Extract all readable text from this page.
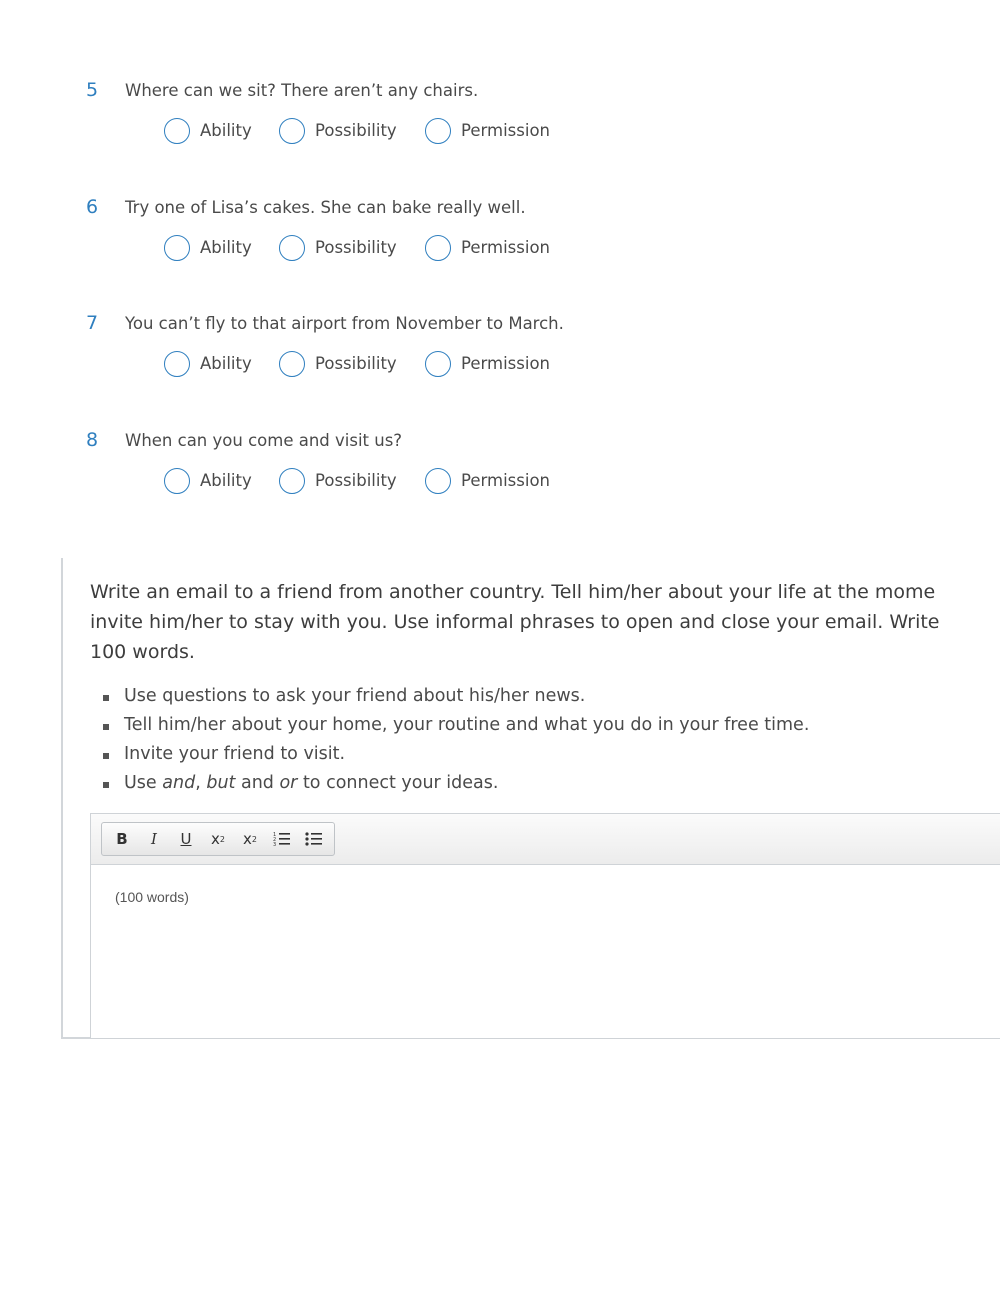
5 Where can we sit? There aren’t any chairs.
Ability	Possibility	Permission
6 Try one of Lisa’s cakes. She can bake really well.
Ability	Possibility	Permission
7 You can’t fly to that airport from November to March.
Ability	Possibility	Permission
8 When can you come and visit us?
Ability	Possibility	Permission
Write an email to a friend from another country. Tell him/her about your life at the mome
invite him/her to stay with you. Use informal phrases to open and close your email. Write
100 words.
Use questions to ask your friend about his/her news.
Tell him/her about your home, your routine and what you do in your free time.
Invite your friend to visit.
Use and, but and or to connect your ideas.
B I U x 2 x 2	1
2
3
(100 words)
